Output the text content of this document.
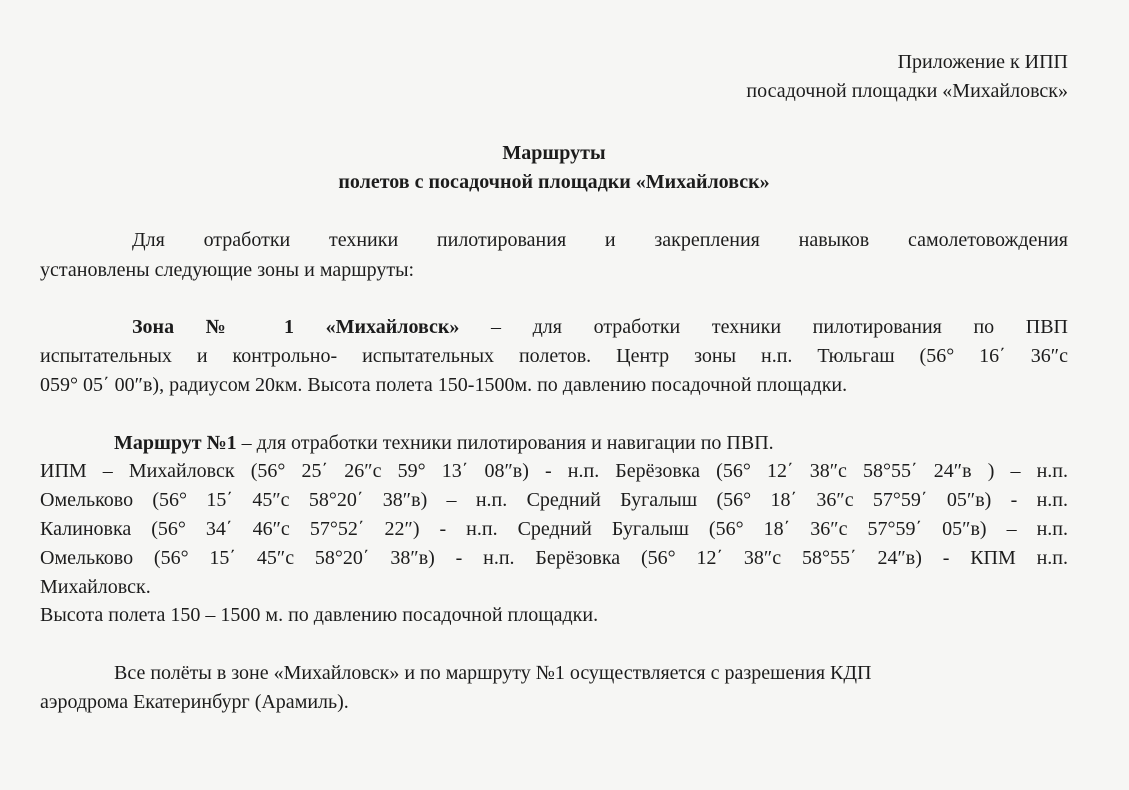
Приложение к ИПП
посадочной площадки «Михайловск»
Маршруты
полетов с посадочной площадки «Михайловск»
Для отработки техники пилотирования и закрепления навыков самолетовождения
установлены следующие зоны и маршруты:
Зона № 1 «Михайловск» – для отработки техники пилотирования по ПВП
испытательных и контрольно- испытательных полетов. Центр зоны н.п. Тюльгаш (56° 16΄ 36″с
059° 05΄ 00″в), радиусом 20км. Высота полета 150-1500м. по давлению посадочной площадки.
Маршрут №1 – для отработки техники пилотирования и навигации по ПВП.
ИПМ – Михайловск (56° 25΄ 26″с 59° 13΄ 08″в) - н.п. Берёзовка (56° 12΄ 38″с 58°55΄ 24″в ) – н.п.
Омельково (56° 15΄ 45″с 58°20΄ 38″в) – н.п. Средний Бугалыш (56° 18΄ 36″с 57°59΄ 05″в) - н.п.
Калиновка (56° 34΄ 46″с 57°52΄ 22″) - н.п. Средний Бугалыш (56° 18΄ 36″с 57°59΄ 05″в) – н.п.
Омельково (56° 15΄ 45″с 58°20΄ 38″в) - н.п. Берёзовка (56° 12΄ 38″с 58°55΄ 24″в) - КПМ н.п.
Михайловск.
Высота полета 150 – 1500 м. по давлению посадочной площадки.
Все полёты в зоне «Михайловск» и по маршруту №1 осуществляется с разрешения КДП
аэродрома Екатеринбург (Арамиль).
